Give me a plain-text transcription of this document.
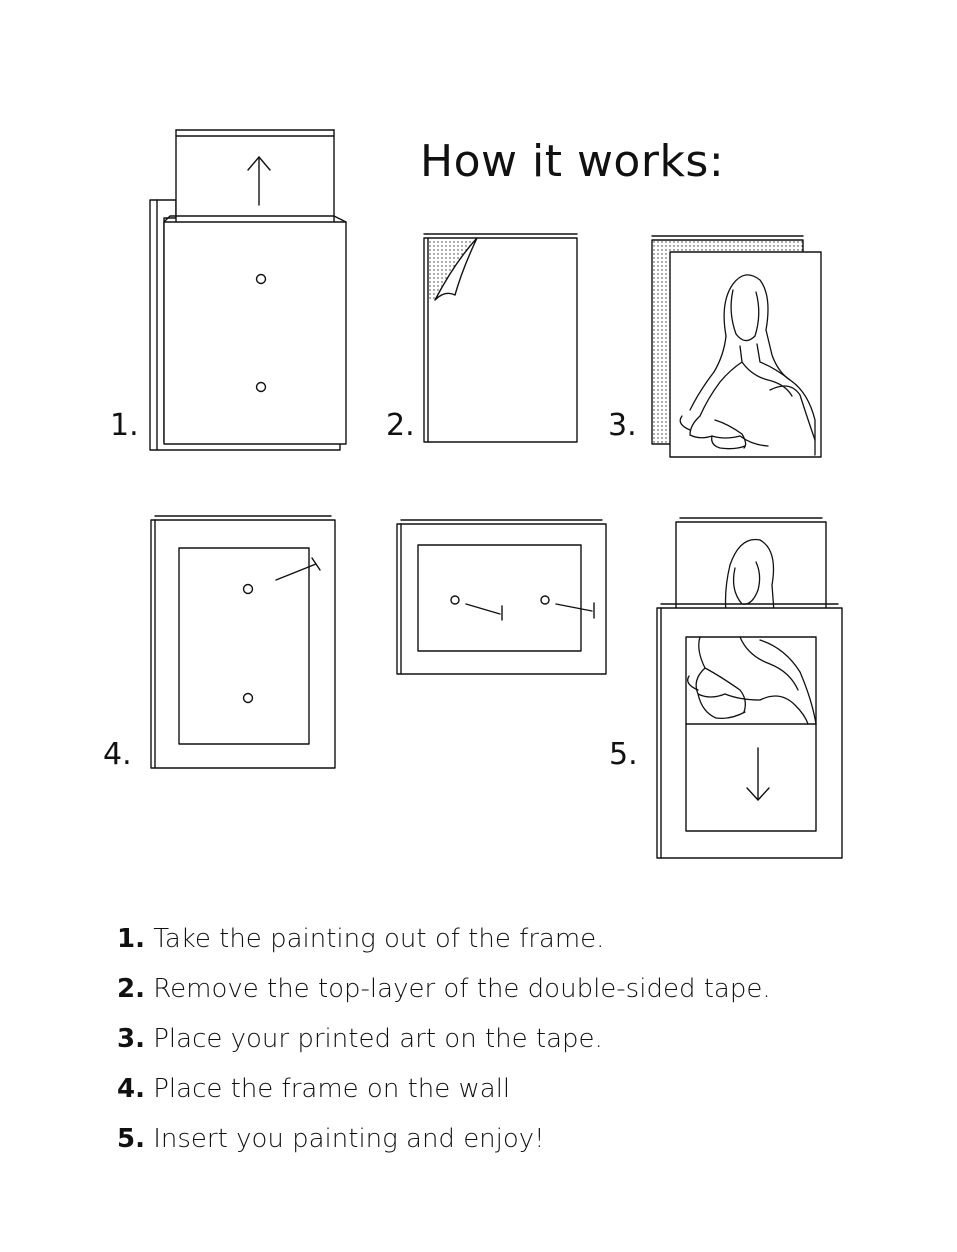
How it works:
1.	2.	3.
4.	5.
1. Take the painting out of the frame.
2. Remove the top-layer of the double-sided tape.
3. Place your printed art on the tape.
4. Place the frame on the wall
5. Insert you painting and enjoy!
